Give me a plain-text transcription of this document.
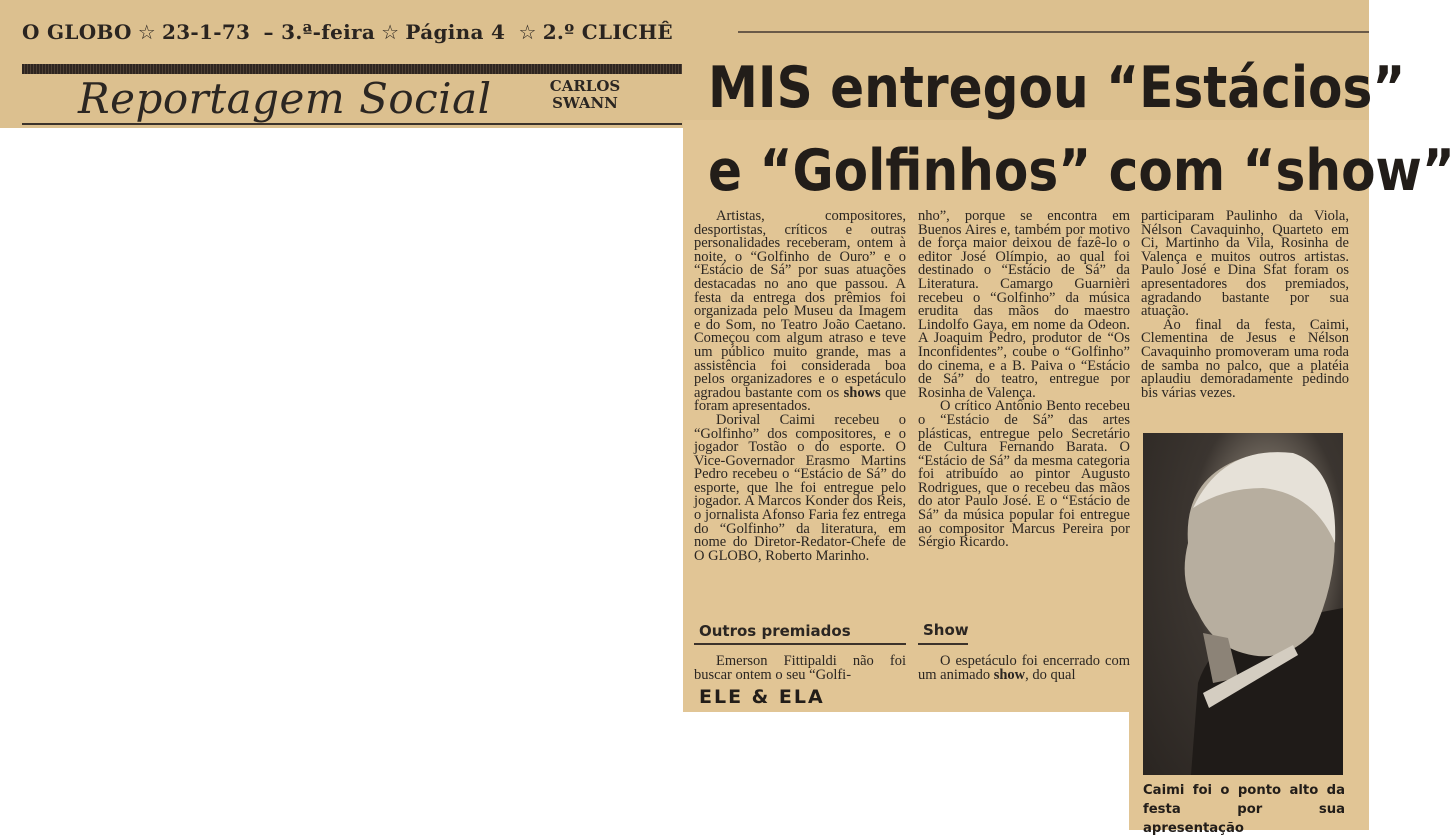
O GLOBO ☆ 23-1-73 – 3.ª-feira ☆ Página 4 ☆ 2.º CLICHÊ
Reportagem Social	CARLOS
SWANN MIS entregou “Estácios”
e “Golfinhos” com “show”

Artistas, compositores, desportistas, críticos e outras personalidades receberam, ontem à noite, o “Golfinho de Ouro” e o “Estácio de Sá” por suas atuações destacadas no ano que passou. A festa da entrega dos prêmios foi organizada pelo Museu da Imagem e do Som, no Teatro João Caetano. Começou com algum atraso e teve um público muito grande, mas a assistência foi considerada boa pelos organizadores e o espetáculo agradou bastante com os shows que foram apresentados.

Dorival Caimi recebeu o “Golfinho” dos compositores, e o jogador Tostão o do esporte. O Vice-Governador Erasmo Martins Pedro recebeu o “Estácio de Sá” do esporte, que lhe foi entregue pelo jogador. A Marcos Konder dos Reis, o jornalista Afonso Faria fez entrega do “Golfinho” da literatura, em nome do Diretor-Redator-Chefe de O GLOBO, Roberto Marinho.

Outros premiados

Emerson Fittipaldi não foi buscar ontem o seu “Golfi-

ELE & ELA

nho”, porque se encontra em Buenos Aires e, também por motivo de força maior deixou de fazê-lo o editor José Olímpio, ao qual foi destinado o “Estácio de Sá” da Literatura. Camargo Guarnièri recebeu o “Golfinho” da música erudita das mãos do maestro Lindolfo Gaya, em nome da Odeon. A Joaquim Pedro, produtor de “Os Inconfidentes”, coube o “Golfinho” do cinema, e a B. Paiva o “Estácio de Sá” do teatro, entregue por Rosinha de Valença.

O crítico Antônio Bento recebeu o “Estácio de Sá” das artes plásticas, entregue pelo Secretário de Cultura Fernando Barata. O “Estácio de Sá” da mesma categoria foi atribuído ao pintor Augusto Rodrigues, que o recebeu das mãos do ator Paulo José. E o “Estácio de Sá” da música popular foi entregue ao compositor Marcus Pereira por Sérgio Ricardo.

Show

O espetáculo foi encerrado com um animado show, do qual

participaram Paulinho da Viola, Nélson Cavaquinho, Quarteto em Ci, Martinho da Vila, Rosinha de Valença e muitos outros artistas. Paulo José e Dina Sfat foram os apresentadores dos premiados, agradando bastante por sua atuação.

Ao final da festa, Caimi, Clementina de Jesus e Nélson Cavaquinho promoveram uma roda de samba no palco, que a platéia aplaudiu demoradamente pedindo bis várias vezes.

Caimi foi o ponto alto da festa por sua apresentação
